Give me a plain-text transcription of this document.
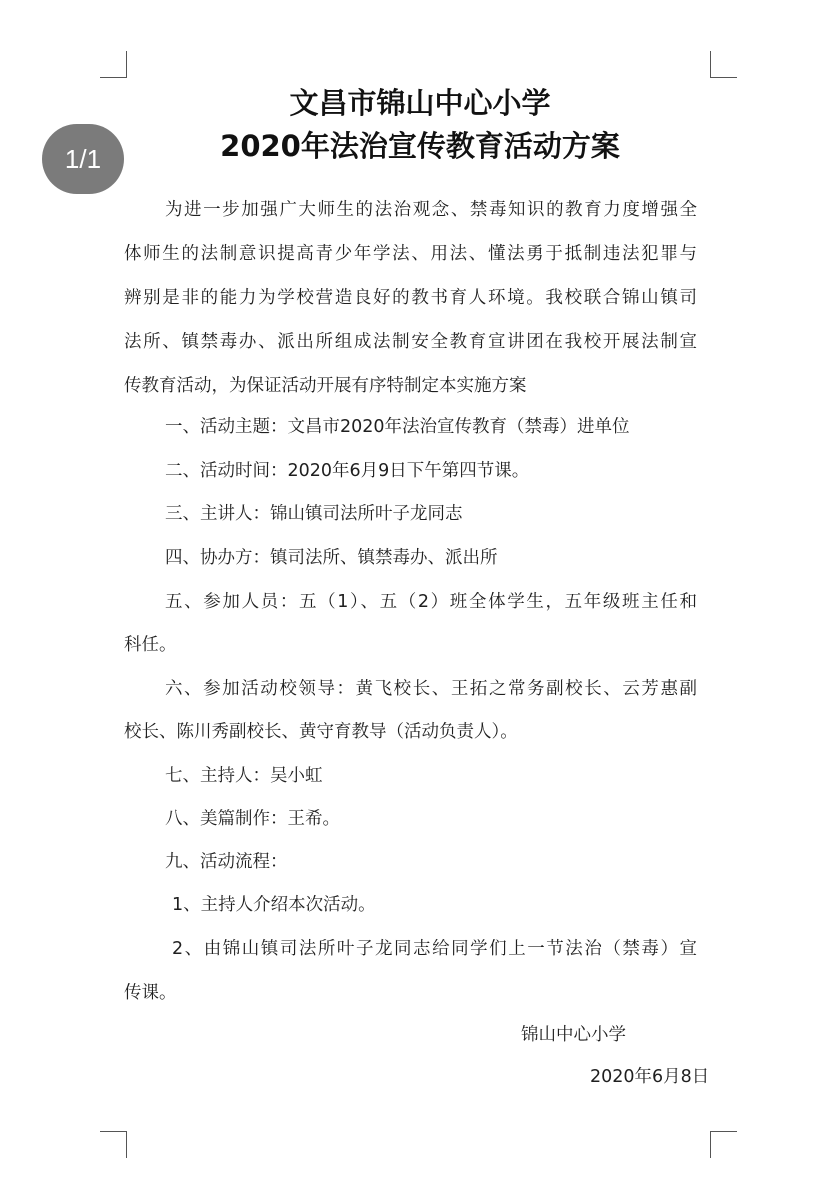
1/1
文昌市锦山中心小学
2020年法治宣传教育活动方案
为进一步加强广大师生的法治观念、禁毒知识的教育力度增强全
体师生的法制意识提高青少年学法、用法、懂法勇于抵制违法犯罪与
辨别是非的能力为学校营造良好的教书育人环境。我校联合锦山镇司
法所、镇禁毒办、派出所组成法制安全教育宣讲团在我校开展法制宣
传教育活动，为保证活动开展有序特制定本实施方案
一、活动主题：文昌市2020年法治宣传教育（禁毒）进单位
二、活动时间：2020年6月9日下午第四节课。
三、主讲人：锦山镇司法所叶子龙同志
四、协办方：镇司法所、镇禁毒办、派出所
五、参加人员：五（1）、五（2）班全体学生，五年级班主任和
科任。
六、参加活动校领导：黄飞校长、王拓之常务副校长、云芳惠副
校长、陈川秀副校长、黄守育教导（活动负责人）。
七、主持人：吴小虹
八、美篇制作：王希。
九、活动流程：
1、主持人介绍本次活动。
2、由锦山镇司法所叶子龙同志给同学们上一节法治（禁毒）宣
传课。
锦山中心小学
2020年6月8日
